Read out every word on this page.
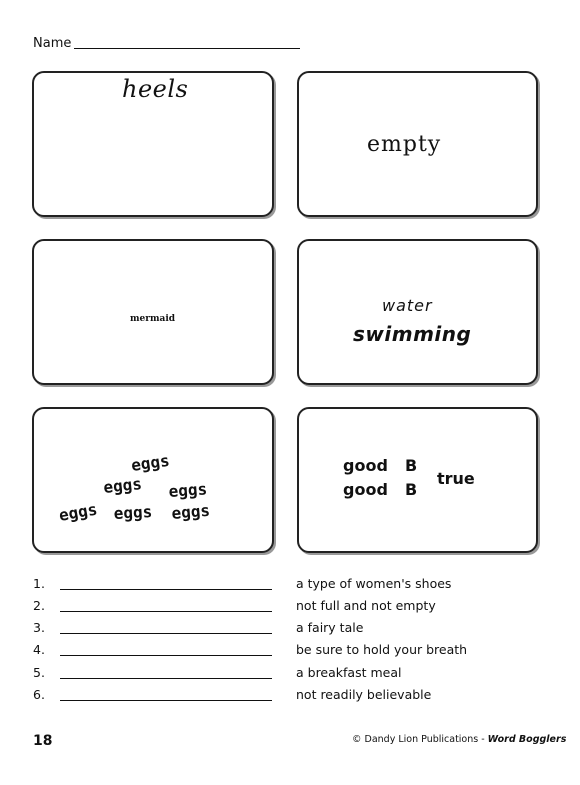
Name
heels
empty
mermaid
water
swimming
eggs
eggs eggs
eggs eggs eggs
good B
good B
true
1.	a type of women's shoes
2.	not full and not empty
3.	a fairy tale
4.	be sure to hold your breath
5.	a breakfast meal
6.	not readily believable
18	© Dandy Lion Publications - Word Bogglers
